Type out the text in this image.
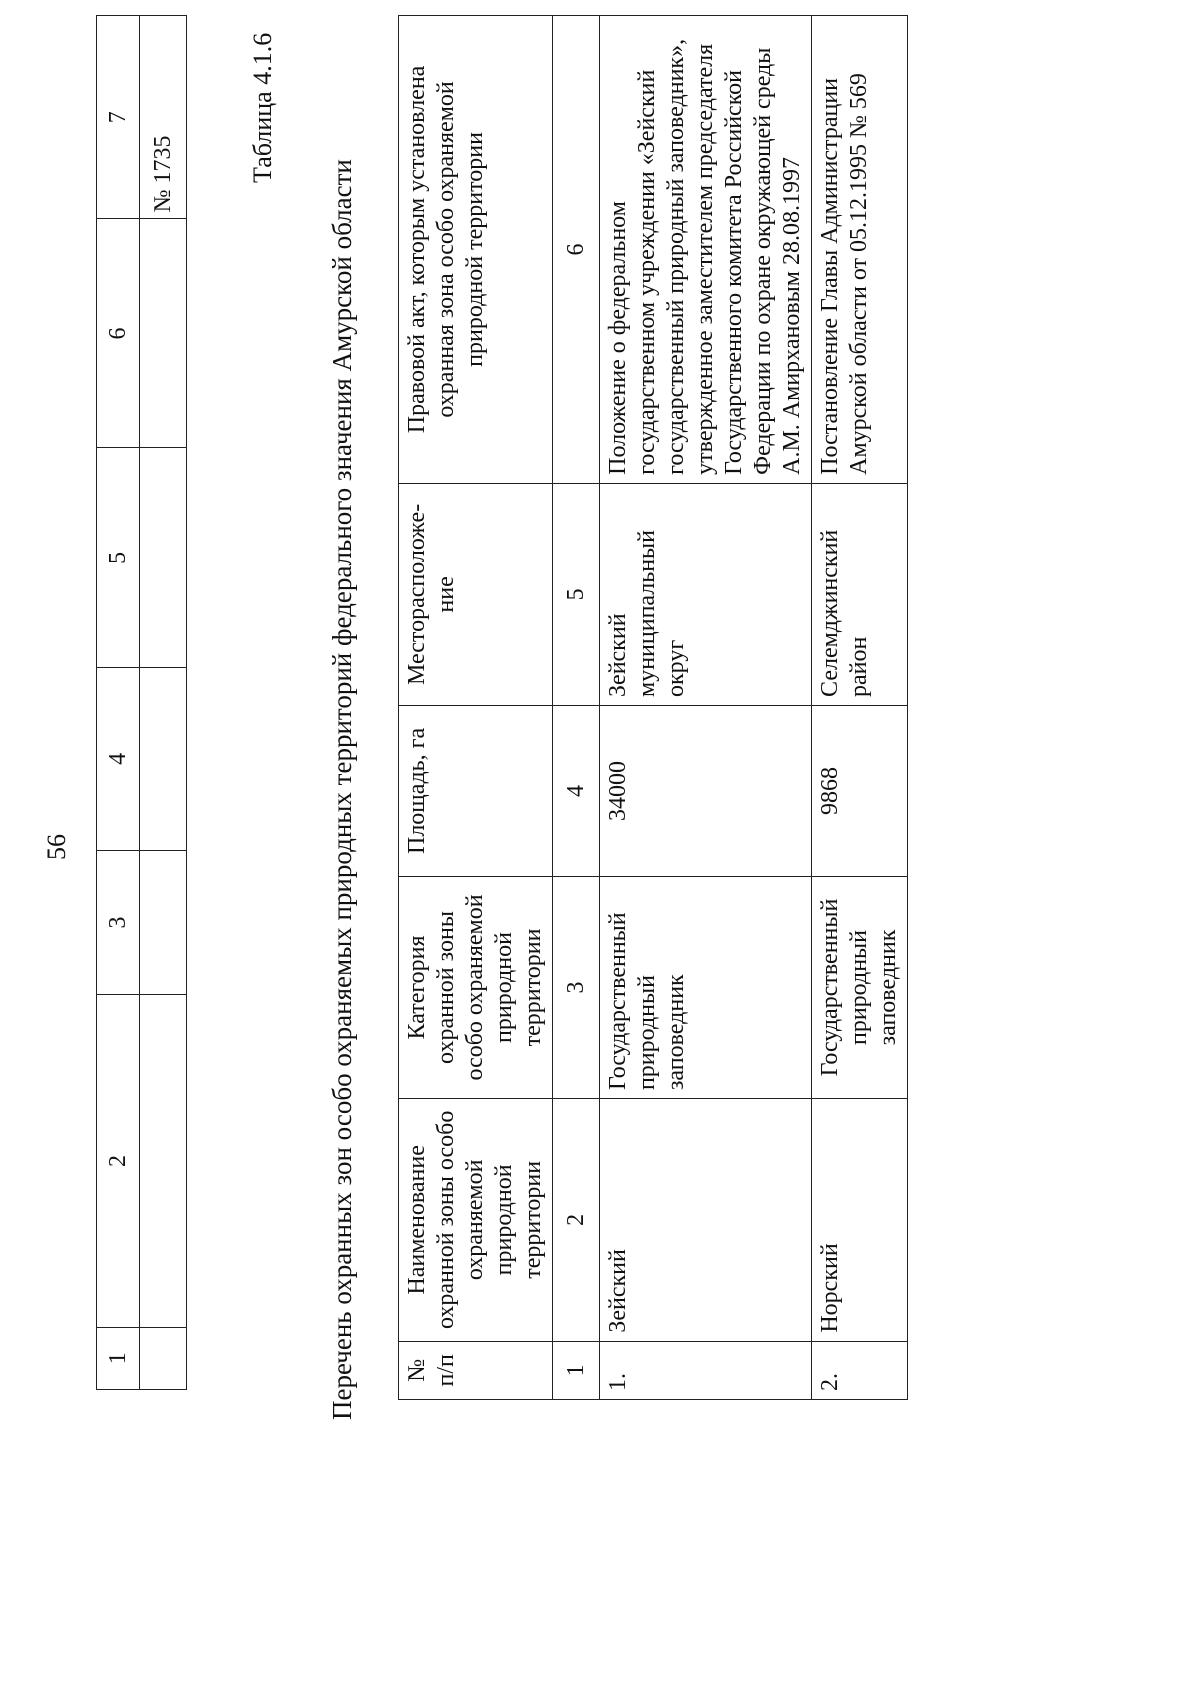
56
1	2	3	4	5	6	7
						№ 1735	Таблица 4.1.6
Перечень охранных зон особо охраняемых природных территорий федерального значения Амурской области № п/п	Наименование охранной зоны особо охраняемой природной территории	Категория охранной зоны особо охраняемой природной территории	Площадь, га	Месторасположе-ние	Правовой акт, которым установлена охранная зона особо охраняемой природной территории
1	2	3	4	5	6
1.	Зейский	Государственный природный заповедник	34000	Зейский муниципальный округ	Положение о федеральном государственном учреждении «Зейский государственный природный заповедник», утвержденное заместителем председателя Государственного комитета Российской Федерации по охране окружающей среды А.М. Амирхановым 28.08.1997
2.	Норский	Государственный природный заповедник	9868	Селемджинский район	Постановление Главы Администрации Амурской области от 05.12.1995 № 569
